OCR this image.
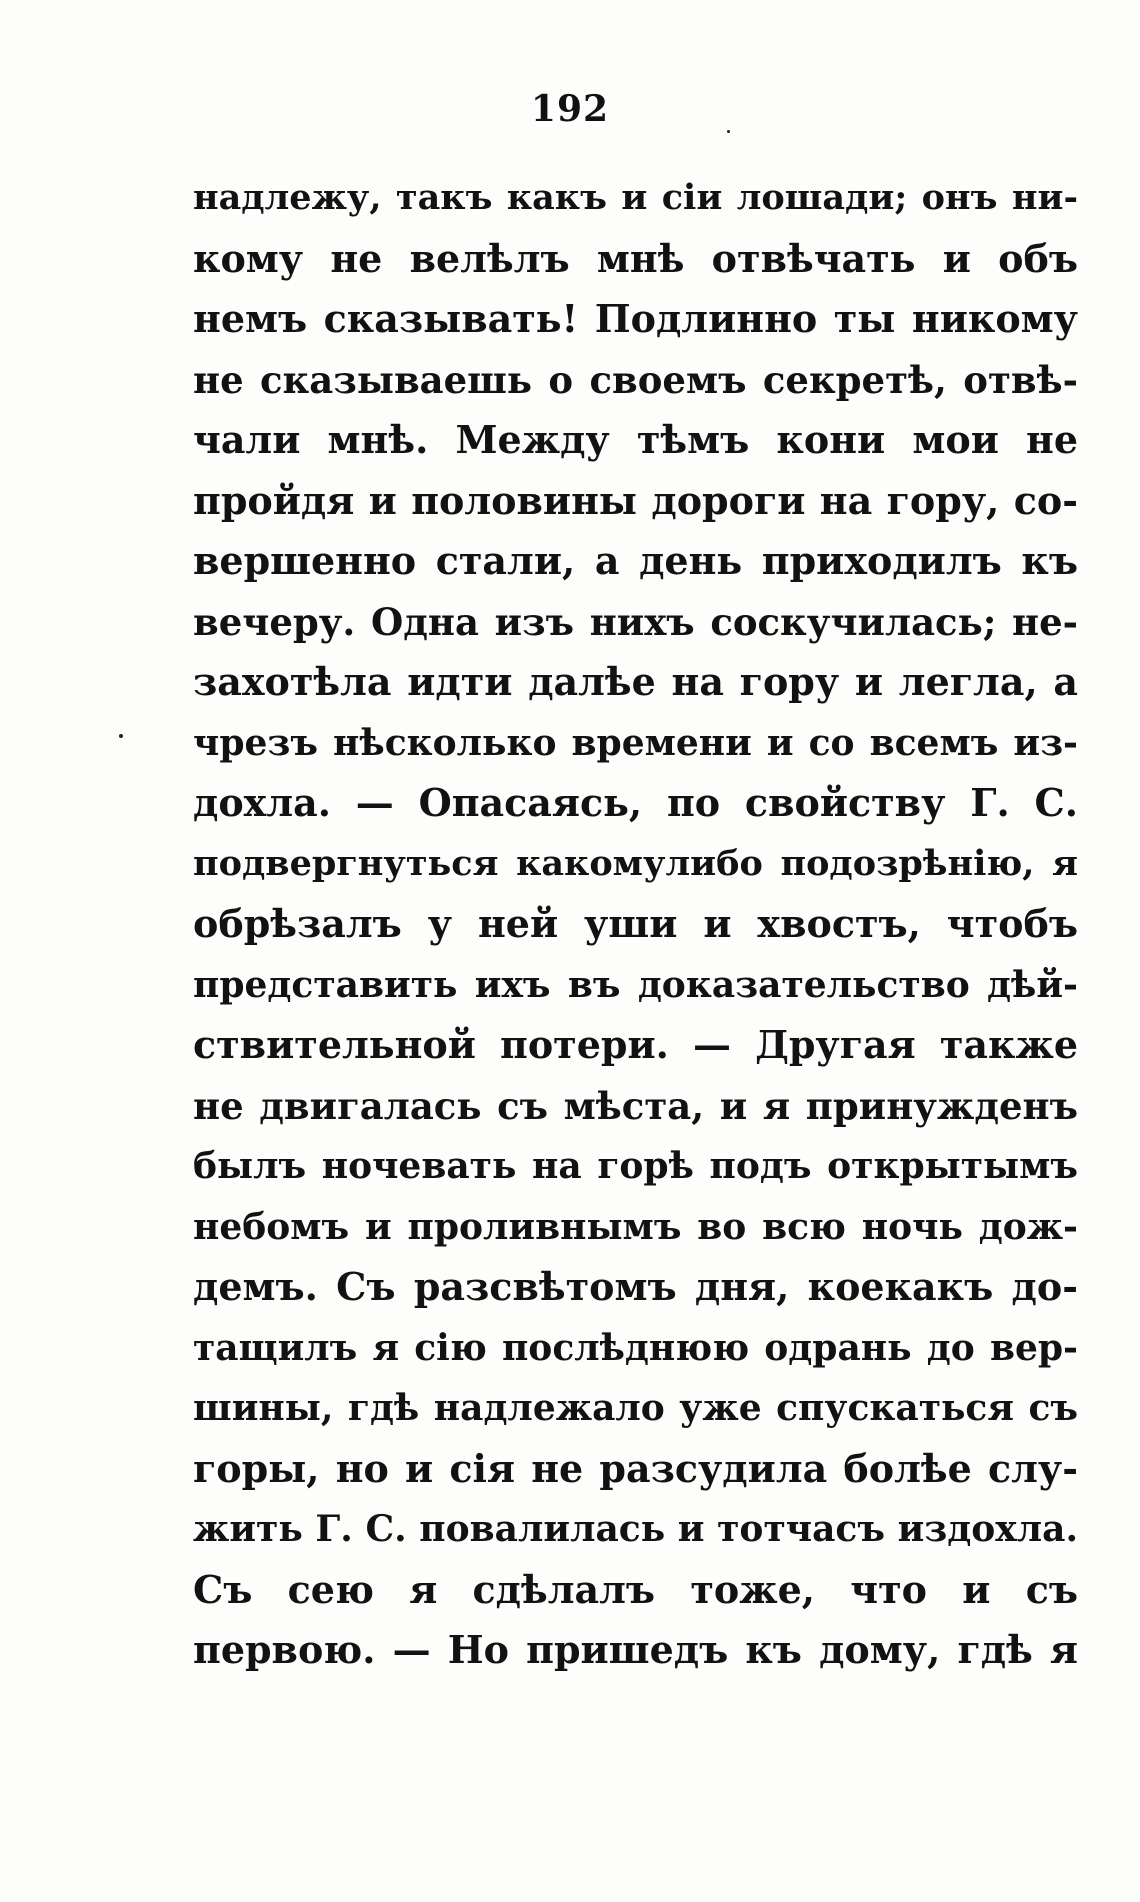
192
надлежу, такъ какъ и сіи лошади; онъ ни-
кому не велѣлъ мнѣ отвѣчать и объ
немъ сказывать! Подлинно ты никому
не сказываешь о своемъ секретѣ, отвѣ-
чали мнѣ. Между тѣмъ кони мои не
пройдя и половины дороги на гору, со-
вершенно стали, а день приходилъ къ
вечеру. Одна изъ нихъ соскучилась; не-
захотѣла идти далѣе на гору и легла, а
чрезъ нѣсколько времени и со всемъ из-
дохла. — Опасаясь, по свойству Г. С.
подвергнуться какомулибо подозрѣнію, я
обрѣзалъ у ней уши и хвостъ, чтобъ
представить ихъ въ доказательство дѣй-
ствительной потери. — Другая также
не двигалась съ мѣста, и я принужденъ
былъ ночевать на горѣ подъ открытымъ
небомъ и проливнымъ во всю ночь дож-
демъ. Съ разсвѣтомъ дня, коекакъ до-
тащилъ я сію послѣднюю одрань до вер-
шины, гдѣ надлежало уже спускаться съ
горы, но и сія не разсудила болѣе слу-
жить Г. С. повалилась и тотчасъ издохла.
Съ сею я сдѣлалъ тоже, что и съ
первою. — Но пришедъ къ дому, гдѣ я
